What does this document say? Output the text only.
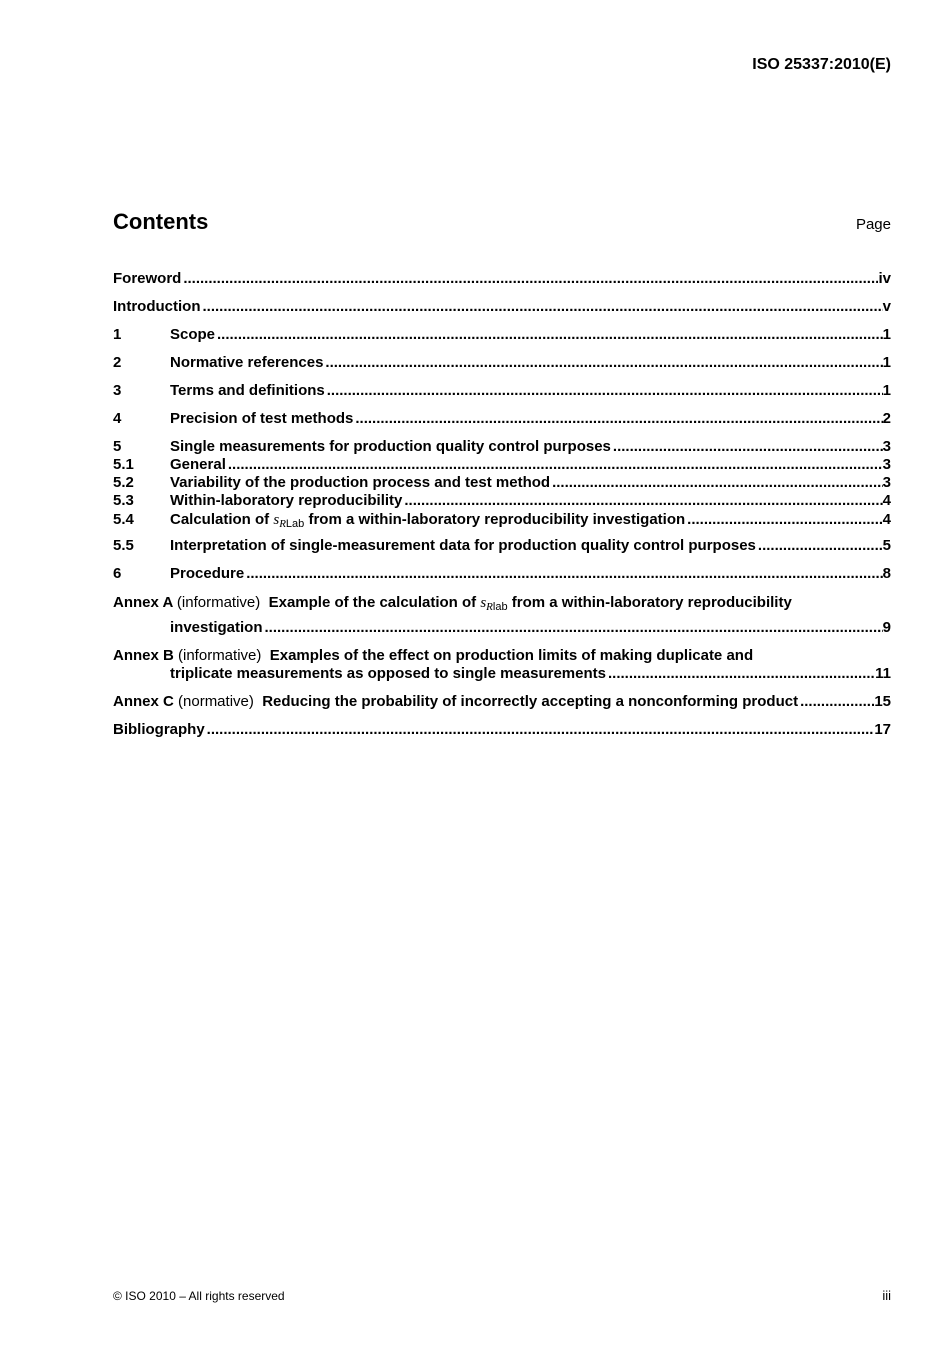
ISO 25337:2010(E)
Contents	Page
Foreword .....	iv
Introduction .....	v
1	Scope .....	1
2	Normative references .....	1
3	Terms and definitions .....	1
4	Precision of test methods .....	2
5	Single measurements for production quality control purposes .....	3
5.1	General .....	3
5.2	Variability of the production process and test method .....	3
5.3	Within-laboratory reproducibility .....	4
5.4	Calculation of $s_{RLab}$ from a within-laboratory reproducibility investigation .....	4
5.5	Interpretation of single-measurement data for production quality control purposes .....	5
6	Procedure .....	8
Annex A (informative) Example of the calculation of $s_{Rlab}$ from a within-laboratory reproducibility
investigation .....	9
Annex B (informative) Examples of the effect on production limits of making duplicate and
triplicate measurements as opposed to single measurements .....	11
Annex C (normative) Reducing the probability of incorrectly accepting a nonconforming product .....	15
Bibliography .....	17
© ISO 2010 – All rights reserved	iii
